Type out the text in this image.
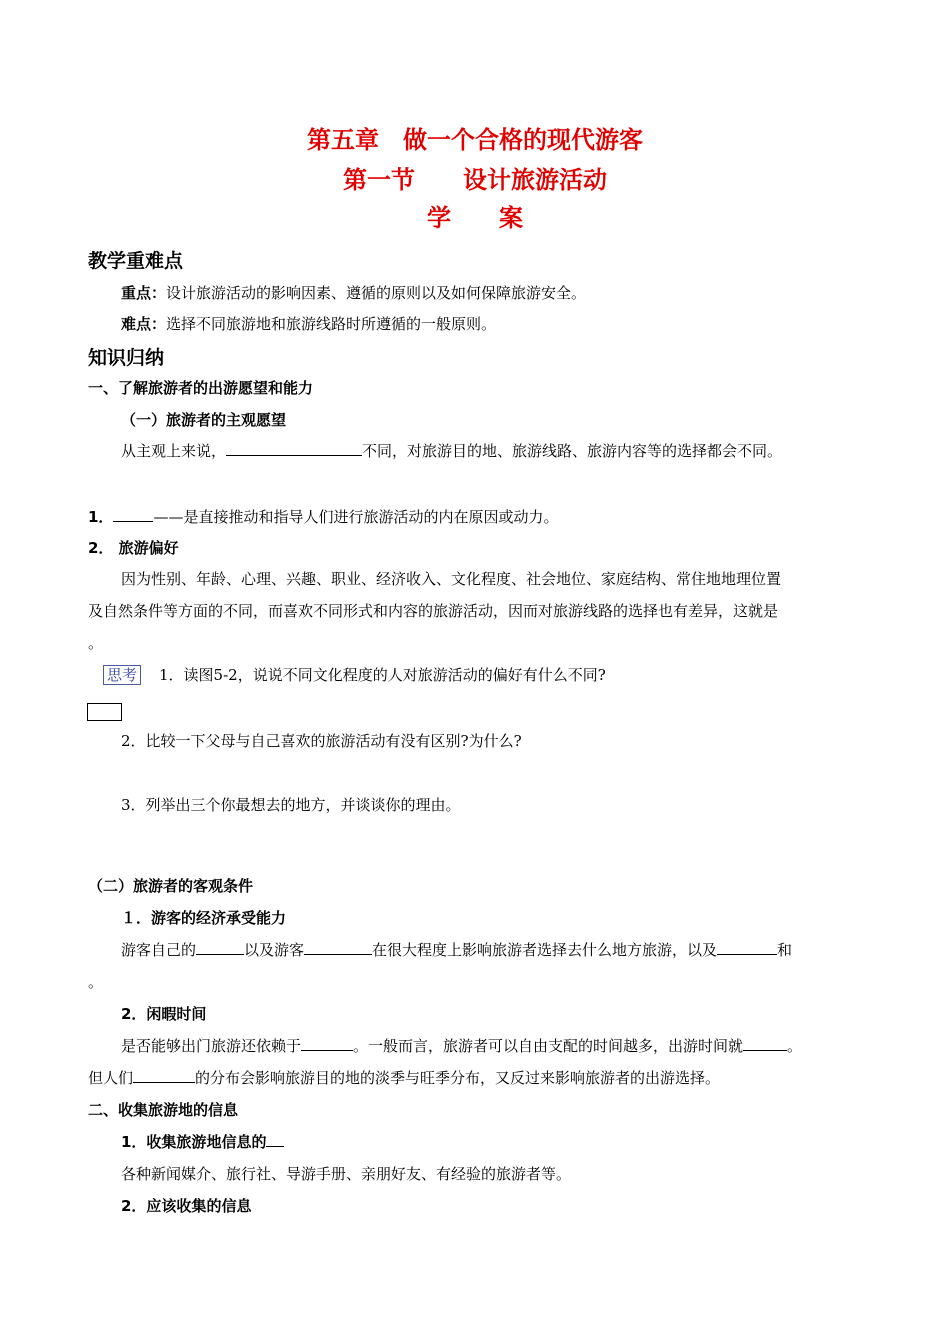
第五章　做一个合格的现代游客
第一节　　设计旅游活动
学　　案
教学重难点
重点：设计旅游活动的影响因素、遵循的原则以及如何保障旅游安全。
难点：选择不同旅游地和旅游线路时所遵循的一般原则。
知识归纳
一、了解旅游者的出游愿望和能力
（一）旅游者的主观愿望
从主观上来说，	不同，对旅游目的地、旅游线路、旅游内容等的选择都会不同。
1．	——是直接推动和指导人们进行旅游活动的内在原因或动力。
2． 旅游偏好
因为性别、年龄、心理、兴趣、职业、经济收入、文化程度、社会地位、家庭结构、常住地地理位置
及自然条件等方面的不同，而喜欢不同形式和内容的旅游活动，因而对旅游线路的选择也有差异，这就是
。
思考 1．读图5-2，说说不同文化程度的人对旅游活动的偏好有什么不同?
2．比较一下父母与自己喜欢的旅游活动有没有区别?为什么?
3．列举出三个你最想去的地方，并谈谈你的理由。
（二）旅游者的客观条件
１．游客的经济承受能力
游客自己的	以及游客	在很大程度上影响旅游者选择去什么地方旅游，以及	和
。
2．闲暇时间
是否能够出门旅游还依赖于	。一般而言，旅游者可以自由支配的时间越多，出游时间就	。
但人们	的分布会影响旅游目的地的淡季与旺季分布，又反过来影响旅游者的出游选择。
二、收集旅游地的信息
1．收集旅游地信息的
各种新闻媒介、旅行社、导游手册、亲朋好友、有经验的旅游者等。
2．应该收集的信息
